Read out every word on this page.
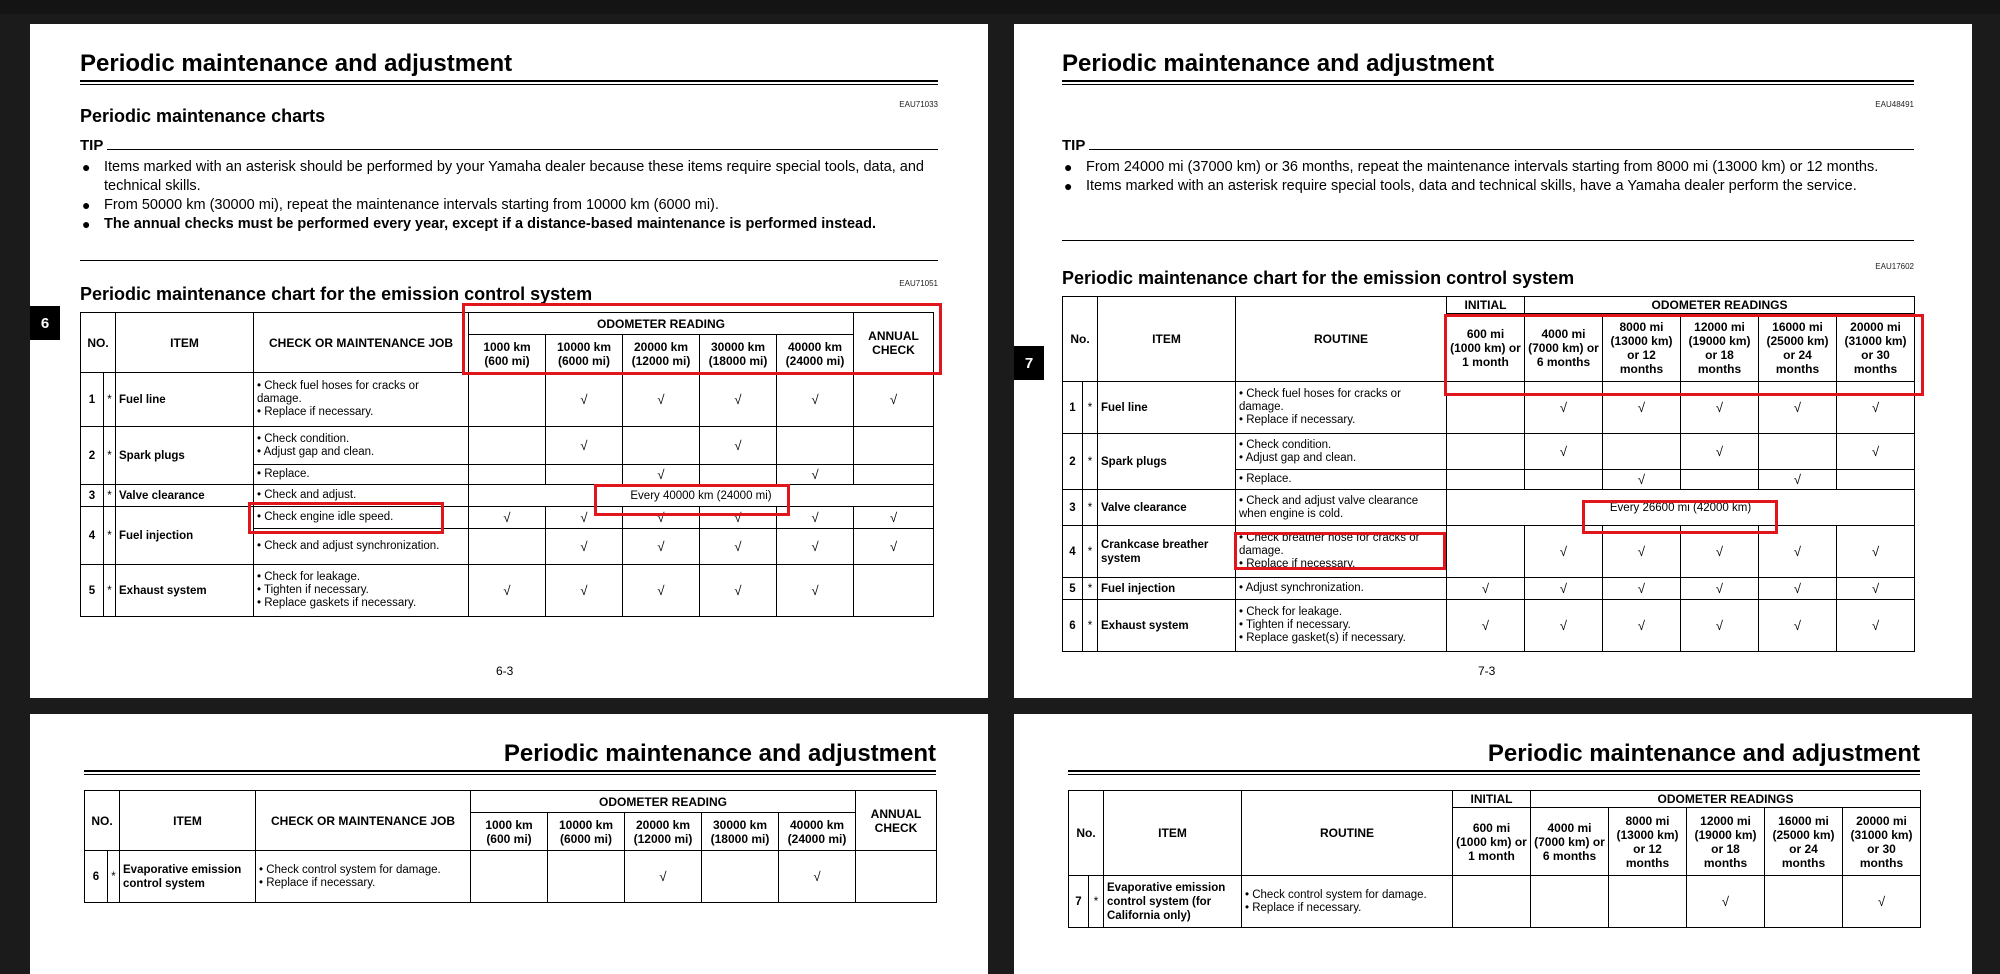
Periodic maintenance and adjustment
EAU71033
Periodic maintenance charts
TIP
● Items marked with an asterisk should be performed by your Yamaha dealer because these items require special tools, data, and technical skills.
● From 50000 km (30000 mi), repeat the maintenance intervals starting from 10000 km (6000 mi).
● The annual checks must be performed every year, except if a distance-based maintenance is performed instead.
EAU71051
Periodic maintenance chart for the emission control system
NO.		ITEM	CHECK OR MAINTENANCE JOB	ODOMETER READING					ANNUAL CHECK
				1000 km (600 mi)	10000 km (6000 mi)	20000 km (12000 mi)	30000 km (18000 mi)	40000 km (24000 mi)	
1	*	Fuel line	• Check fuel hoses for cracks or damage.
• Replace if necessary.		√	√	√	√	√
2	*	Spark plugs	• Check condition.
• Adjust gap and clean.		√		√		
			• Replace.			√		√	
3	*	Valve clearance	• Check and adjust.	Every 40000 km (24000 mi)					
4	*	Fuel injection	• Check engine idle speed.	√	√	√	√	√	√
			• Check and adjust synchronization.		√	√	√	√	√
5	*	Exhaust system	• Check for leakage.
• Tighten if necessary.
• Replace gaskets if necessary.	√	√	√	√	√	
6-3
6
Periodic maintenance and adjustment
EAU48491
TIP
● From 24000 mi (37000 km) or 36 months, repeat the maintenance intervals starting from 8000 mi (13000 km) or 12 months.
● Items marked with an asterisk require special tools, data and technical skills, have a Yamaha dealer perform the service.
EAU17602
Periodic maintenance chart for the emission control system
No.		ITEM	ROUTINE	INITIAL	ODOMETER READINGS				
				600 mi (1000 km) or 1 month	4000 mi (7000 km) or 6 months	8000 mi (13000 km) or 12 months	12000 mi (19000 km) or 18 months	16000 mi (25000 km) or 24 months	20000 mi (31000 km) or 30 months
1	*	Fuel line	• Check fuel hoses for cracks or damage.
• Replace if necessary.		√	√	√	√	√
2	*	Spark plugs	• Check condition.
• Adjust gap and clean.		√		√		√
			• Replace.			√		√	
3	*	Valve clearance	• Check and adjust valve clearance when engine is cold.	Every 26600 mi (42000 km)					
4	*	Crankcase breather system	• Check breather hose for cracks or damage.
• Replace if necessary.		√	√	√	√	√
5	*	Fuel injection	• Adjust synchronization.	√	√	√	√	√	√
6	*	Exhaust system	• Check for leakage.
• Tighten if necessary.
• Replace gasket(s) if necessary.	√	√	√	√	√	√
7-3
7
Periodic maintenance and adjustment
NO.		ITEM	CHECK OR MAINTENANCE JOB	ODOMETER READING					ANNUAL CHECK
				1000 km (600 mi)	10000 km (6000 mi)	20000 km (12000 mi)	30000 km (18000 mi)	40000 km (24000 mi)	
6	*	Evaporative emission control system	• Check control system for damage.
• Replace if necessary.			√		√	
Periodic maintenance and adjustment
No.		ITEM	ROUTINE	INITIAL	ODOMETER READINGS				
				600 mi (1000 km) or 1 month	4000 mi (7000 km) or 6 months	8000 mi (13000 km) or 12 months	12000 mi (19000 km) or 18 months	16000 mi (25000 km) or 24 months	20000 mi (31000 km) or 30 months
7	*	Evaporative emission control system (for California only)	• Check control system for damage.
• Replace if necessary.				√		√
